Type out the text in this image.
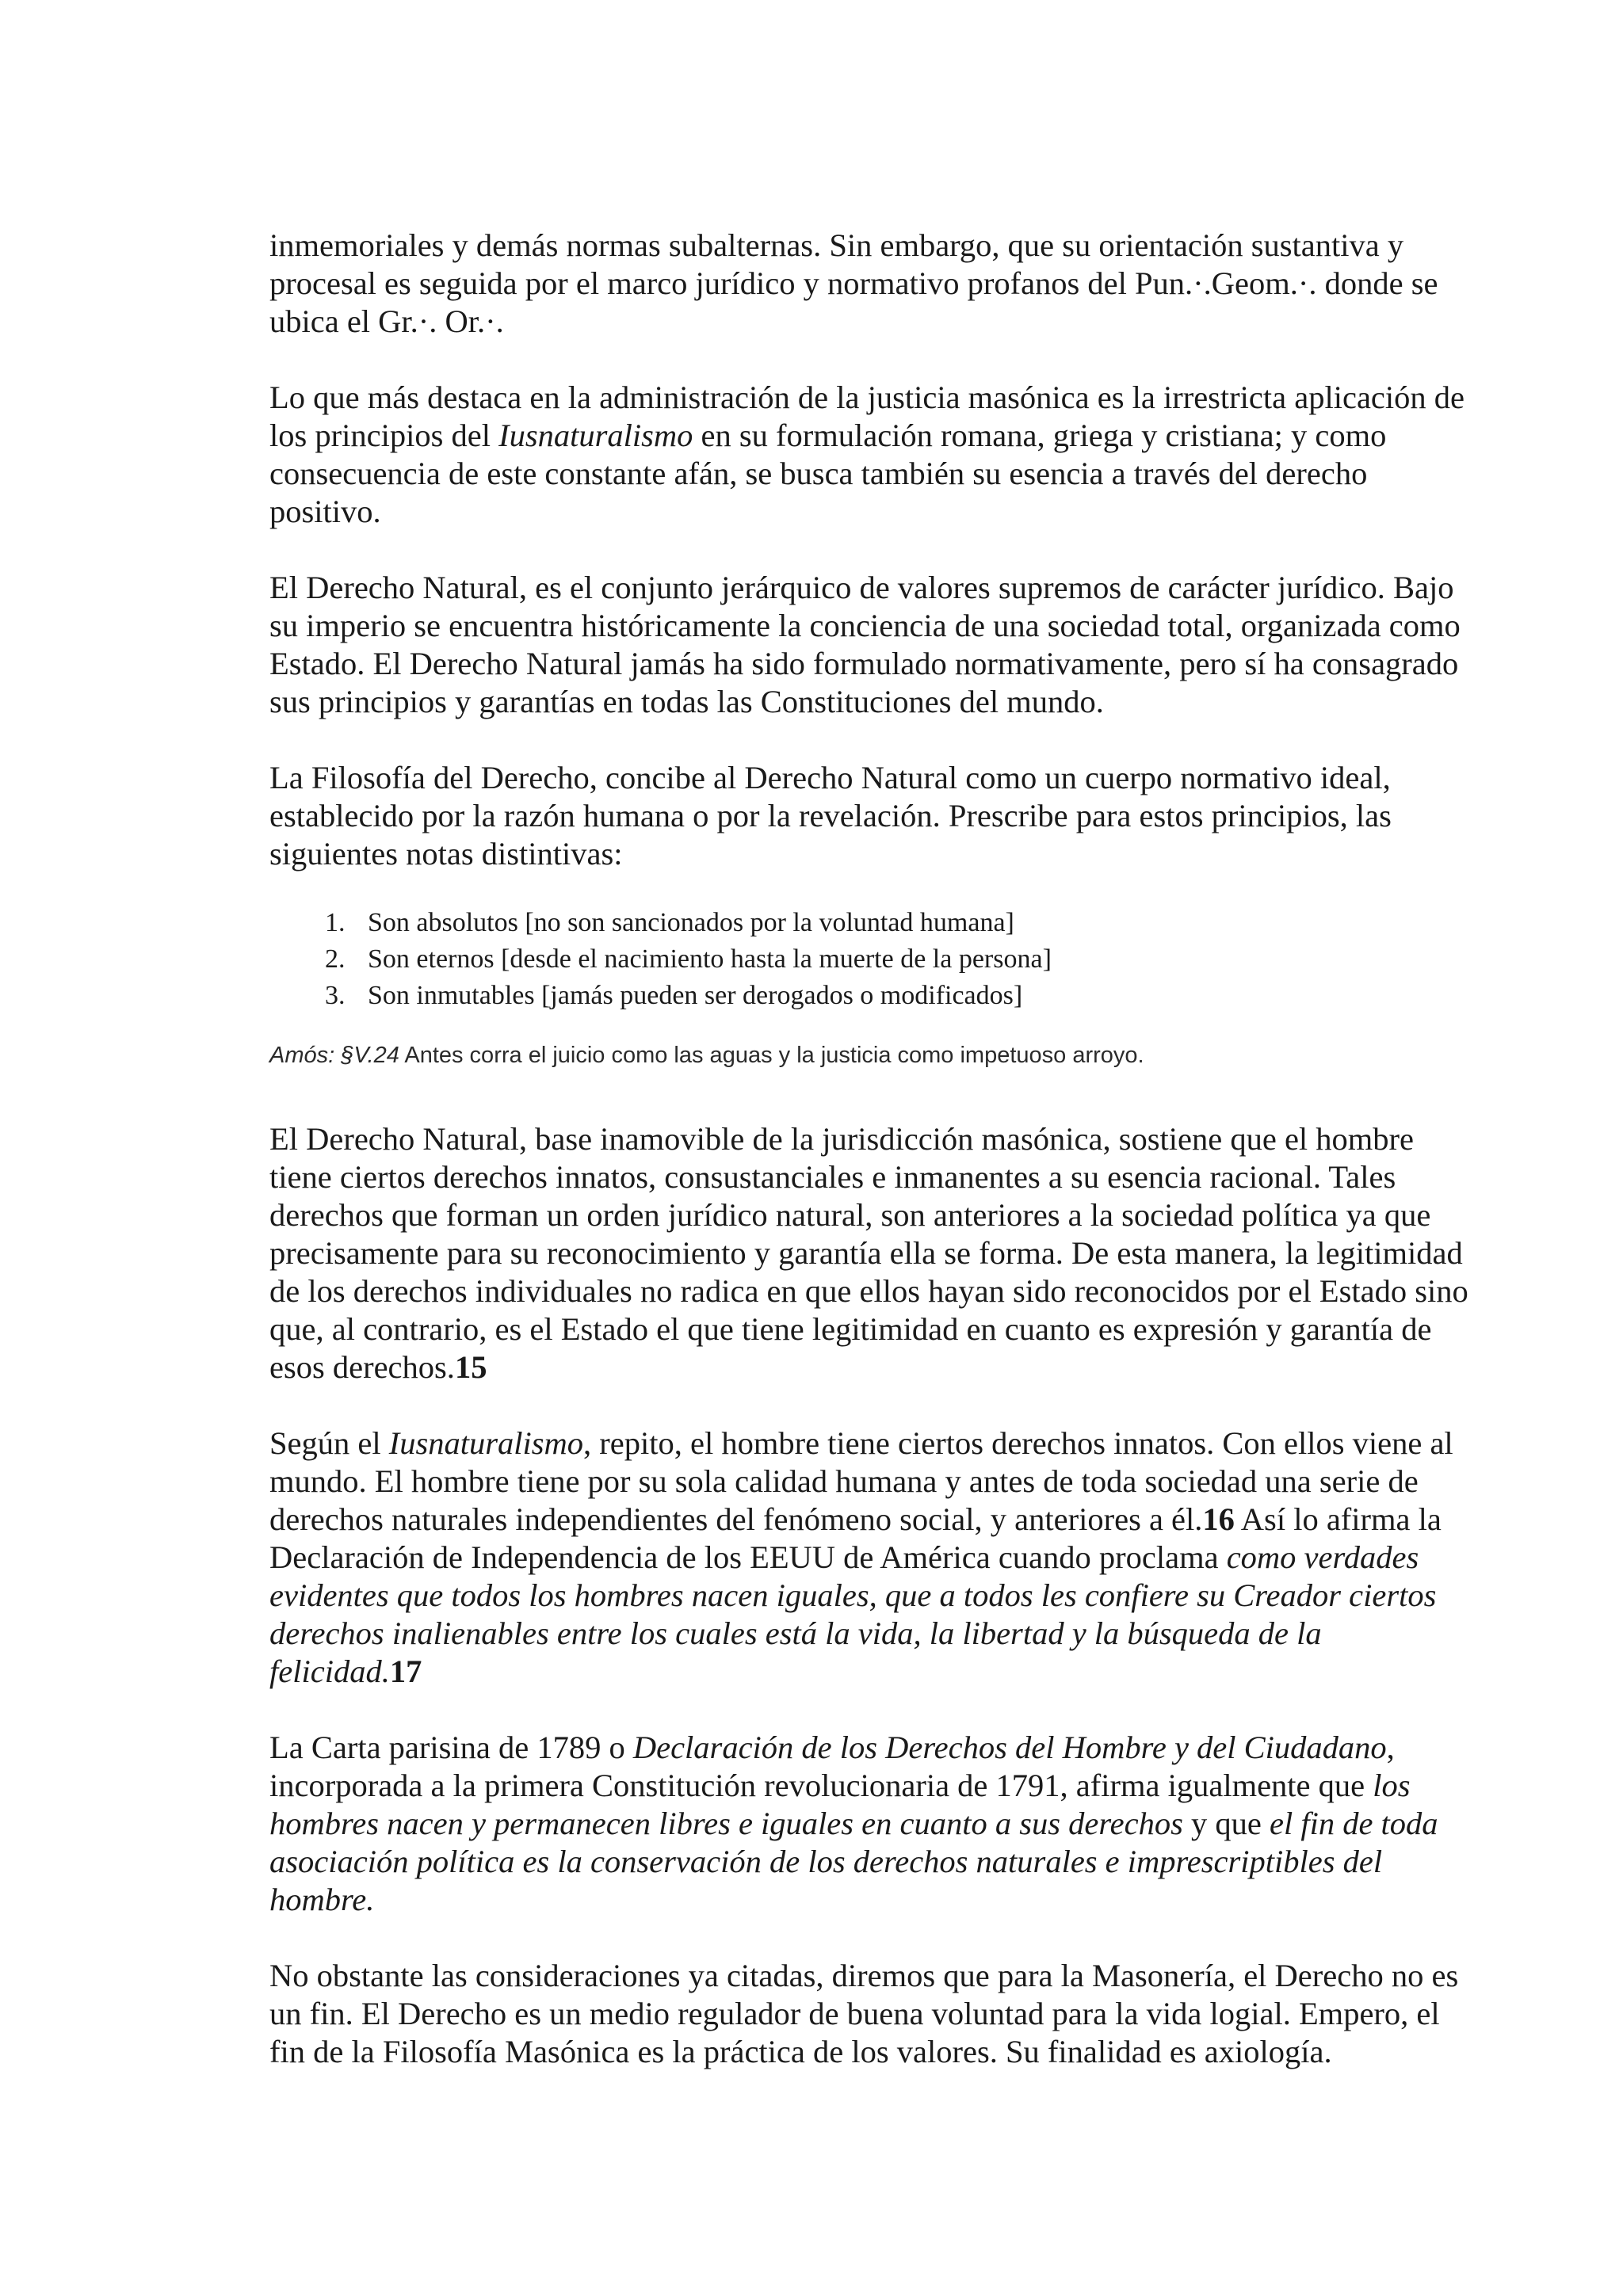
inmemoriales y demás normas subalternas. Sin embargo, que su orientación sustantiva y procesal es seguida por el marco jurídico y normativo profanos del Pun.·.Geom.·. donde se ubica el Gr.·. Or.·.

Lo que más destaca en la administración de la justicia masónica es la irrestricta aplicación de los principios del Iusnaturalismo en su formulación romana, griega y cristiana; y como consecuencia de este constante afán, se busca también su esencia a través del derecho positivo.

El Derecho Natural, es el conjunto jerárquico de valores supremos de carácter jurídico. Bajo su imperio se encuentra históricamente la conciencia de una sociedad total, organizada como Estado. El Derecho Natural jamás ha sido formulado normativamente, pero sí ha consagrado sus principios y garantías en todas las Constituciones del mundo.

La Filosofía del Derecho, concibe al Derecho Natural como un cuerpo normativo ideal, establecido por la razón humana o por la revelación. Prescribe para estos principios, las siguientes notas distintivas:

1. Son absolutos [no son sancionados por la voluntad humana]
2. Son eternos [desde el nacimiento hasta la muerte de la persona]
3. Son inmutables [jamás pueden ser derogados o modificados]

Amós: §V.24 Antes corra el juicio como las aguas y la justicia como impetuoso arroyo.

El Derecho Natural, base inamovible de la jurisdicción masónica, sostiene que el hombre tiene ciertos derechos innatos, consustanciales e inmanentes a su esencia racional. Tales derechos que forman un orden jurídico natural, son anteriores a la sociedad política ya que precisamente para su reconocimiento y garantía ella se forma. De esta manera, la legitimidad de los derechos individuales no radica en que ellos hayan sido reconocidos por el Estado sino que, al contrario, es el Estado el que tiene legitimidad en cuanto es expresión y garantía de esos derechos.15

Según el Iusnaturalismo, repito, el hombre tiene ciertos derechos innatos. Con ellos viene al mundo. El hombre tiene por su sola calidad humana y antes de toda sociedad una serie de derechos naturales independientes del fenómeno social, y anteriores a él.16 Así lo afirma la Declaración de Independencia de los EEUU de América cuando proclama como verdades evidentes que todos los hombres nacen iguales, que a todos les confiere su Creador ciertos derechos inalienables entre los cuales está la vida, la libertad y la búsqueda de la felicidad.17

La Carta parisina de 1789 o Declaración de los Derechos del Hombre y del Ciudadano, incorporada a la primera Constitución revolucionaria de 1791, afirma igualmente que los hombres nacen y permanecen libres e iguales en cuanto a sus derechos y que el fin de toda asociación política es la conservación de los derechos naturales e imprescriptibles del hombre.

No obstante las consideraciones ya citadas, diremos que para la Masonería, el Derecho no es un fin. El Derecho es un medio regulador de buena voluntad para la vida logial. Empero, el fin de la Filosofía Masónica es la práctica de los valores. Su finalidad es axiología.
